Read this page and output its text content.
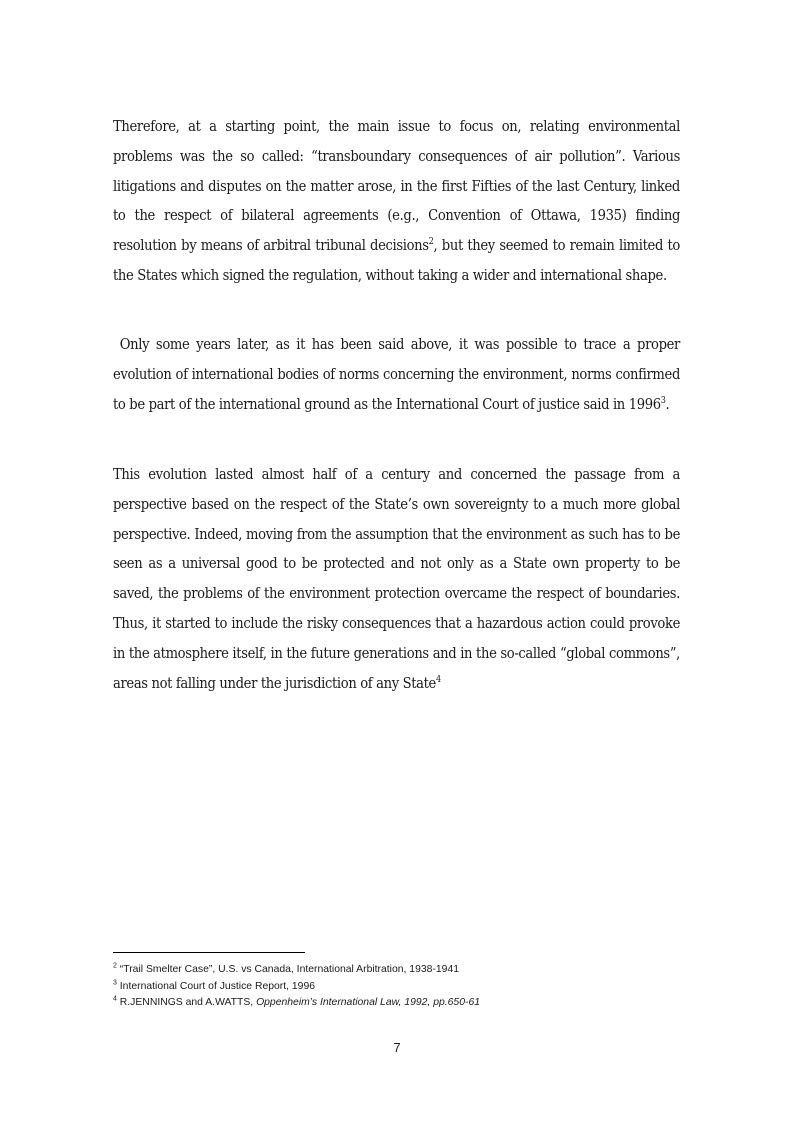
Therefore, at a starting point, the main issue to focus on, relating environmental problems was the so called: “transboundary consequences of air pollution”. Various litigations and disputes on the matter arose, in the first Fifties of the last Century, linked to the respect of bilateral agreements (e.g., Convention of Ottawa, 1935) finding resolution by means of arbitral tribunal decisions$^2$, but they seemed to remain limited to the States which signed the regulation, without taking a wider and international shape.

Only some years later, as it has been said above, it was possible to trace a proper evolution of international bodies of norms concerning the environment, norms confirmed to be part of the international ground as the International Court of justice said in 1996$^3$.

This evolution lasted almost half of a century and concerned the passage from a perspective based on the respect of the State’s own sovereignty to a much more global perspective. Indeed, moving from the assumption that the environment as such has to be seen as a universal good to be protected and not only as a State own property to be saved, the problems of the environment protection overcame the respect of boundaries. Thus, it started to include the risky consequences that a hazardous action could provoke in the atmosphere itself, in the future generations and in the so-called “global commons”, areas not falling under the jurisdiction of any State$^4$

$^2$ “Trail Smelter Case”, U.S. vs Canada, International Arbitration, 1938-1941

$^3$ International Court of Justice Report, 1996

$^4$ R.JENNINGS and A.WATTS, Oppenheim’s International Law, 1992, pp.650-61

7
